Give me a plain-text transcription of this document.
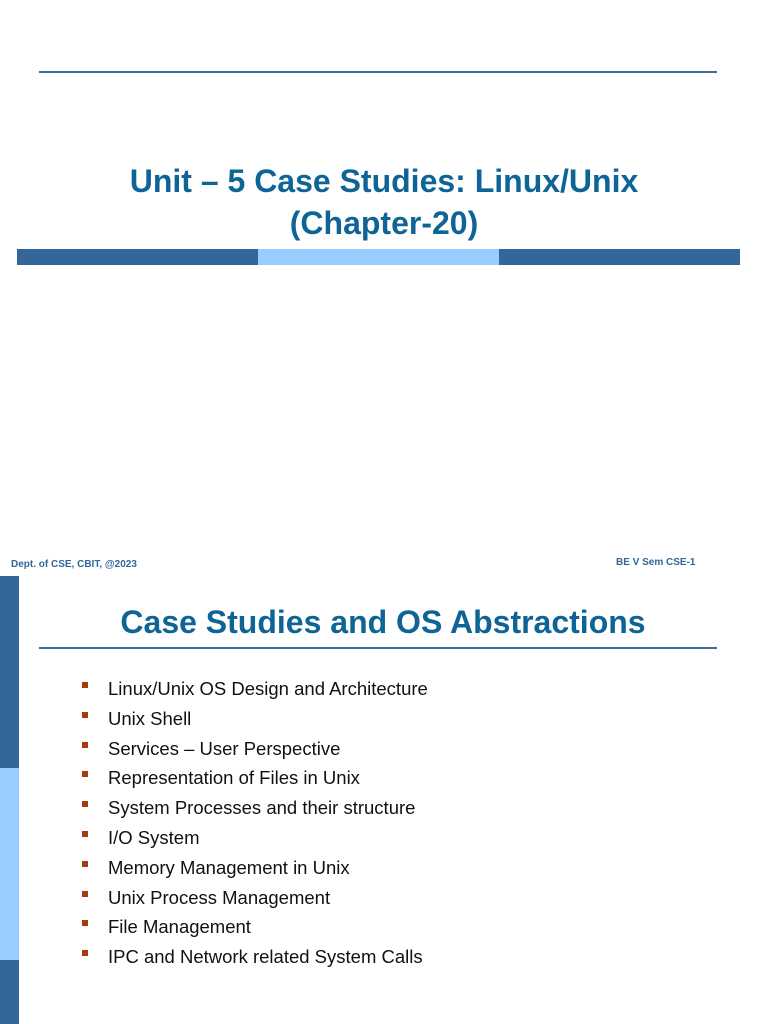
Unit – 5 Case Studies: Linux/Unix
(Chapter-20)
Dept. of CSE, CBIT, @2023	BE V Sem CSE-1
Case Studies and OS Abstractions
Linux/Unix OS Design and Architecture
Unix Shell
Services – User Perspective
Representation of Files in Unix
System Processes and their structure
I/O System
Memory Management in Unix
Unix Process Management
File Management
IPC and Network related System Calls
